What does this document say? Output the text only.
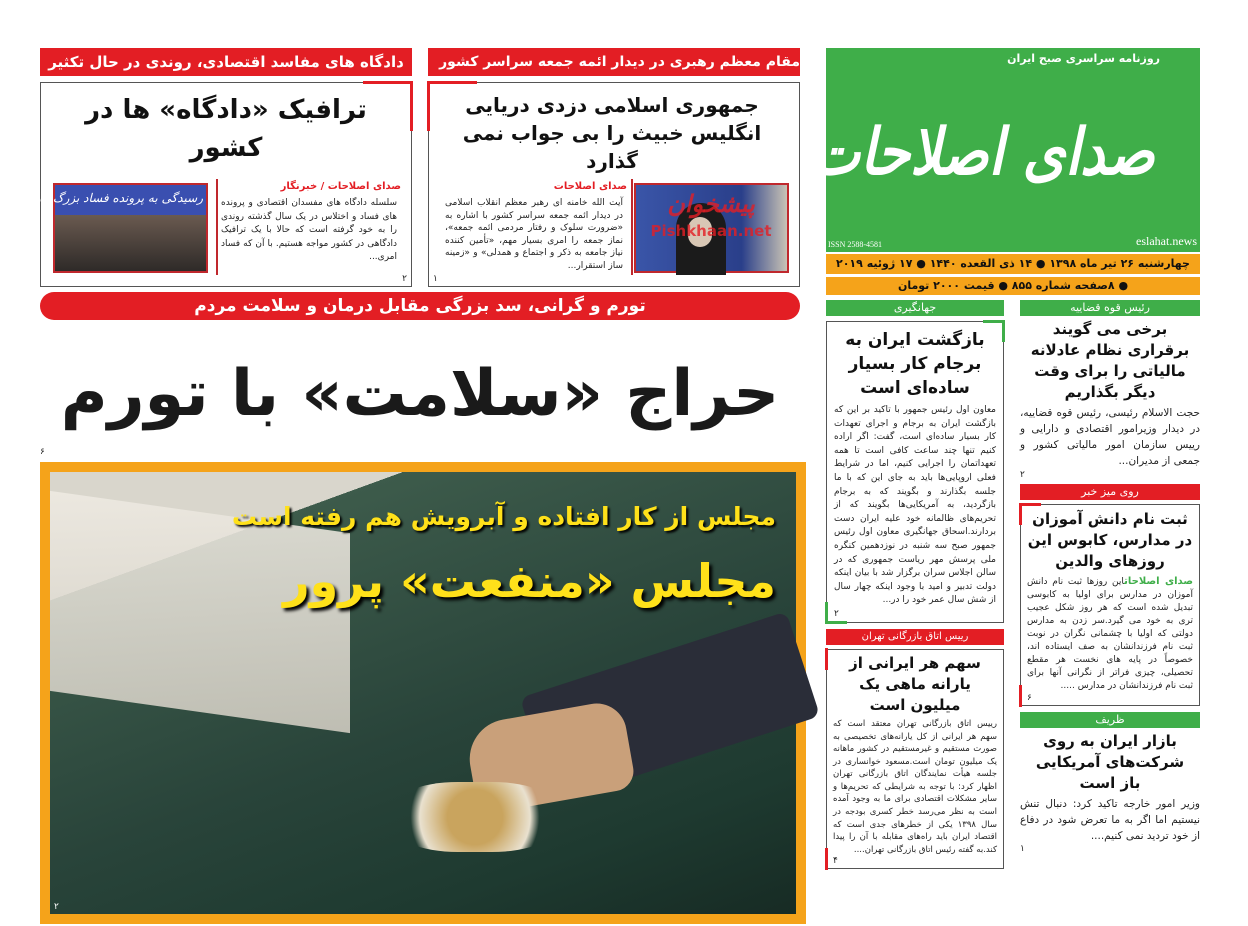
روزنامه سراسری صبح ایران
صدای اصلاحات
ISSN 2588-4581	eslahat.news
چهارشنبه ۲۶ تیر ماه ۱۳۹۸ ● ۱۴ ذی القعده ۱۴۴۰ ● ۱۷ ژوئیه ۲۰۱۹
● ۸صفحه شماره ۸۵۵ ● قیمت ۲۰۰۰ تومان
دادگاه های مفاسد اقتصادی، روندی در حال تکثیر
ترافیک «دادگاه» ها در کشور
رسیدگی به پرونده فساد بزرگ مالی
صدای اصلاحات / خبرنگار
سلسله دادگاه های مفسدان اقتصادی و پرونده های فساد و اختلاس در یک سال گذشته روندی را به خود گرفته است که حالا با یک ترافیک دادگاهی در کشور مواجه هستیم. با آن که فساد امری...
۲
مقام معظم رهبری در دیدار ائمه جمعه سراسر کشور
جمهوری اسلامی دزدی دریایی انگلیس خبیث را بی جواب نمی گذارد
پیشخوان
Pishkhaan.net
صدای اصلاحات
آیت الله خامنه ای رهبر معظم انقلاب اسلامی در دیدار ائمه جمعه سراسر کشور با اشاره به «ضرورت سلوک و رفتار مردمی ائمه جمعه»، نماز جمعه را امری بسیار مهم، «تأمین کننده نیاز جامعه به ذکر و اجتماع و همدلی» و «زمینه ساز استقرار...
۱
تورم و گرانی، سد بزرگی مقابل درمان و سلامت مردم
حراج «سلامت» با تورم
۶
مجلس از کار افتاده و آبرویش هم رفته است
مجلس «منفعت» پرور
۲
جهانگیری
بازگشت ایران به برجام کار بسیار ساده‌ای است
معاون اول رئیس جمهور با تاکید بر این که بازگشت ایران به برجام و اجرای تعهدات کار بسیار ساده‌ای است، گفت: اگر اراده کنیم تنها چند ساعت کافی است تا همه تعهداتمان را اجرایی کنیم، اما در شرایط فعلی اروپایی‌ها باید به جای این که با ما جلسه بگذارند و بگویند که به برجام بازگردید، به آمریکایی‌ها بگویند که از تحریم‌های ظالمانه خود علیه ایران دست بردارند.اسحاق جهانگیری معاون اول رئیس جمهور صبح سه شنبه در نوزدهمین کنگره ملی پرسش مهر ریاست جمهوری که در سالن اجلاس سران برگزار شد با بیان اینکه دولت تدبیر و امید با وجود اینکه چهار سال از شش سال عمر خود را در...
۲
رییس اتاق بازرگانی تهران
سهم هر ایرانی از یارانه ماهی یک میلیون است
رییس اتاق بازرگانی تهران معتقد است که سهم هر ایرانی از کل یارانه‌های تخصیصی به صورت مستقیم و غیرمستقیم در کشور ماهانه یک میلیون تومان است.مسعود خوانساری در جلسه هیأت نمایندگان اتاق بازرگانی تهران اظهار کرد: با توجه به شرایطی که تحریم‌ها و سایر مشکلات اقتصادی برای ما به وجود آمده است به نظر می‌رسد خطر کسری بودجه در سال ۱۳۹۸ یکی از خطرهای جدی است که اقتصاد ایران باید راه‌های مقابله با آن را پیدا کند.به گفته رئیس اتاق بازرگانی تهران....
۴
رئیس قوه قضاییه
برخی می گویند برقراری نظام عادلانه مالیاتی را برای وقت دیگر بگذاریم
حجت الاسلام رئیسی، رئیس قوه قضاییه، در دیدار وزیرامور اقتصادی و دارایی و رییس سازمان امور مالیاتی کشور و جمعی از مدیران...
۲
روی میز خبر
ثبت نام دانش آموزان در مدارس، کابوس این روزهای والدین
صدای اصلاحاتاین روزها ثبت نام دانش آموزان در مدارس برای اولیا به کابوسی تبدیل شده است که هر روز شکل عجیب تری به خود می گیرد.سر زدن به مدارس دولتی که اولیا با چشمانی نگران در نوبت ثبت نام فرزندانشان به صف ایستاده اند، خصوصاً در پایه های نخست هر مقطع تحصیلی، چیزی فراتر از نگرانی آنها برای ثبت نام فرزندانشان در مدارس .....
۶
ظریف
بازار ایران به روی شرکت‌های آمریکایی باز است
وزیر امور خارجه تاکید کرد: دنبال تنش نیستیم اما اگر به ما تعرض شود در دفاع از خود تردید نمی کنیم....
۱
